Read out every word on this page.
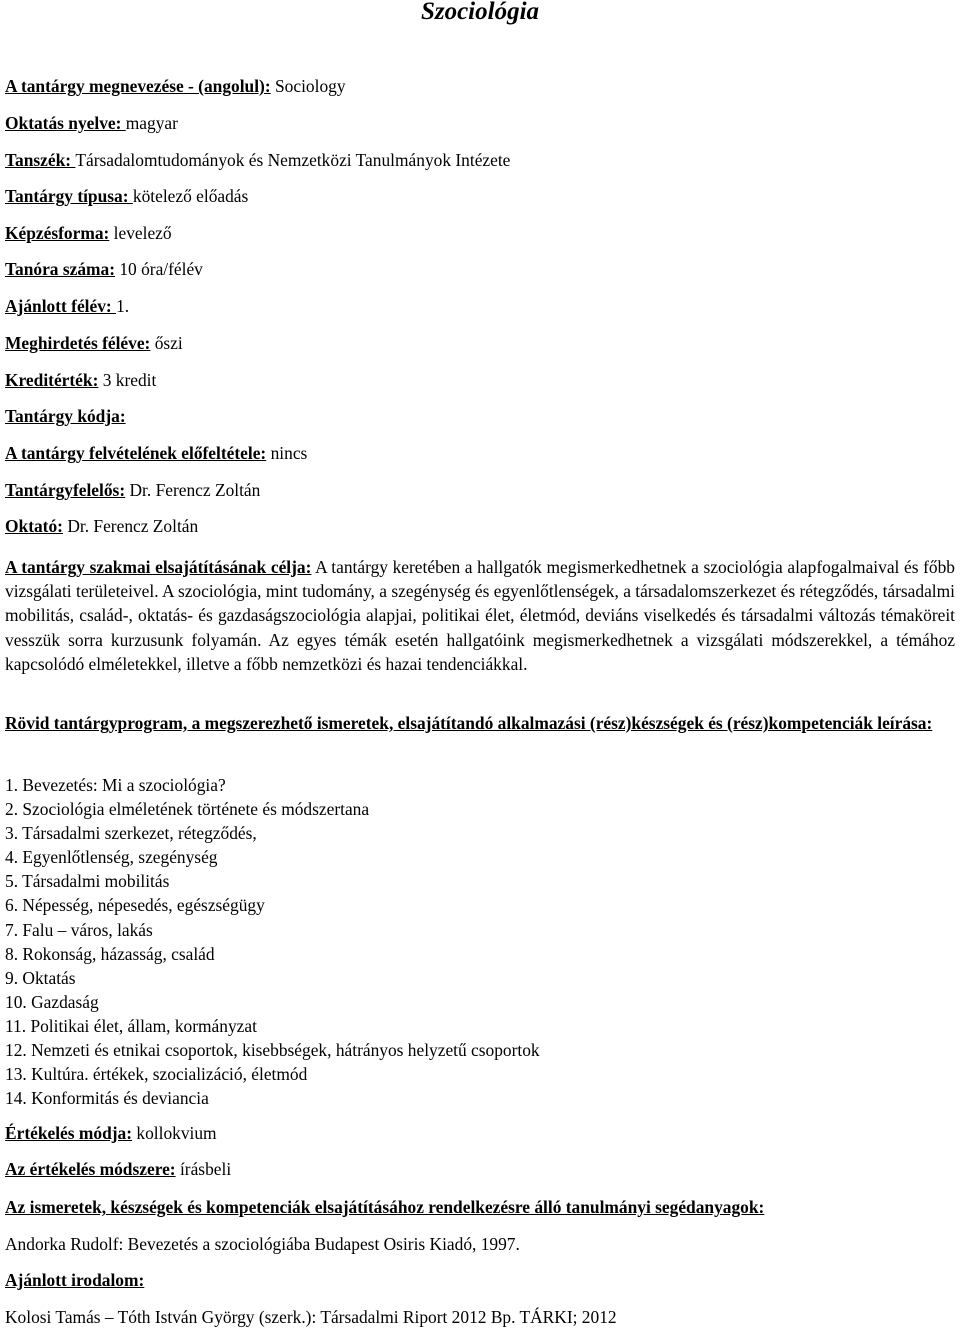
Szociológia
A tantárgy megnevezése - (angolul): Sociology
Oktatás nyelve: magyar
Tanszék: Társadalomtudományok és Nemzetközi Tanulmányok Intézete
Tantárgy típusa: kötelező előadás
Képzésforma: levelező
Tanóra száma: 10 óra/félév
Ajánlott félév: 1.
Meghirdetés féléve: őszi
Kreditérték: 3 kredit
Tantárgy kódja:
A tantárgy felvételének előfeltétele: nincs
Tantárgyfelelős: Dr. Ferencz Zoltán
Oktató: Dr. Ferencz Zoltán
A tantárgy szakmai elsajátításának célja: A tantárgy keretében a hallgatók megismerkedhetnek a szociológia alapfogalmaival és főbb vizsgálati területeivel. A szociológia, mint tudomány, a szegénység és egyenlőtlenségek, a társadalomszerkezet és rétegződés, társadalmi mobilitás, család-, oktatás- és gazdaságszociológia alapjai, politikai élet, életmód, deviáns viselkedés és társadalmi változás témaköreit vesszük sorra kurzusunk folyamán. Az egyes témák esetén hallgatóink megismerkedhetnek a vizsgálati módszerekkel, a témához kapcsolódó elméletekkel, illetve a főbb nemzetközi és hazai tendenciákkal.
Rövid tantárgyprogram, a megszerezhető ismeretek, elsajátítandó alkalmazási (rész)készségek és (rész)kompetenciák leírása:
1. Bevezetés: Mi a szociológia?
2. Szociológia elméletének története és módszertana
3. Társadalmi szerkezet, rétegződés,
4. Egyenlőtlenség, szegénység
5. Társadalmi mobilitás
6. Népesség, népesedés, egészségügy
7. Falu – város, lakás
8. Rokonság, házasság, család
9. Oktatás
10. Gazdaság
11. Politikai élet, állam, kormányzat
12. Nemzeti és etnikai csoportok, kisebbségek, hátrányos helyzetű csoportok
13. Kultúra. értékek, szocializáció, életmód
14. Konformitás és deviancia
Értékelés módja: kollokvium
Az értékelés módszere: írásbeli
Az ismeretek, készségek és kompetenciák elsajátításához rendelkezésre álló tanulmányi segédanyagok:
Andorka Rudolf: Bevezetés a szociológiába Budapest Osiris Kiadó, 1997.
Ajánlott irodalom:
Kolosi Tamás – Tóth István György (szerk.): Társadalmi Riport 2012 Bp. TÁRKI; 2012
